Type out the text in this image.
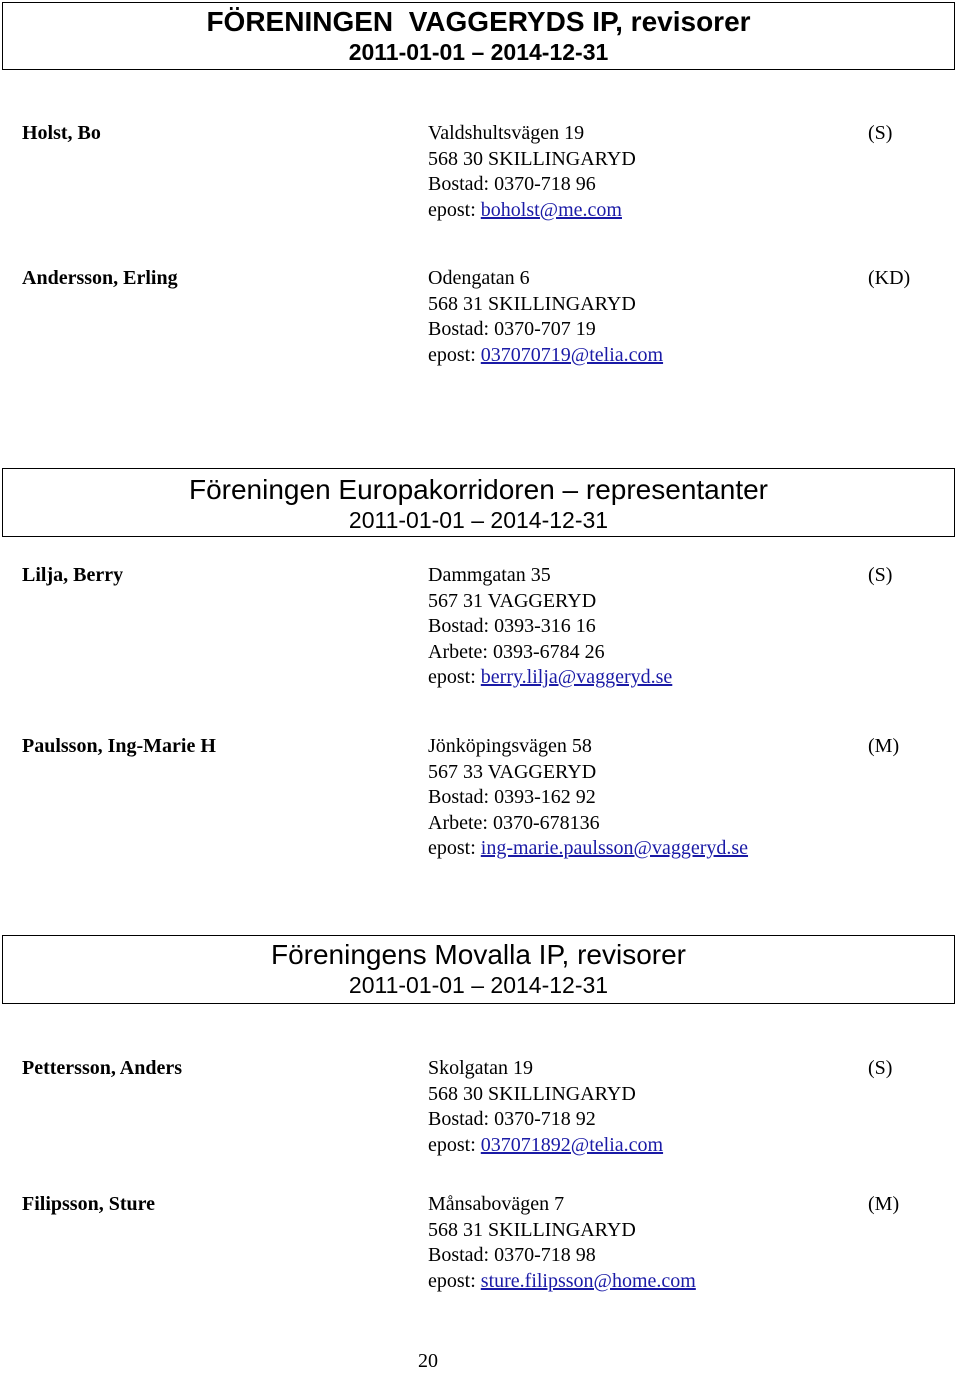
FÖRENINGEN  VAGGERYDS IP, revisorer
2011-01-01 – 2014-12-31
Holst, Bo	Valdshultsvägen 19
568 30 SKILLINGARYD
Bostad: 0370-718 96
epost: boholst@me.com
(S)
Andersson, Erling	Odengatan 6
568 31 SKILLINGARYD
Bostad: 0370-707 19
epost: 037070719@telia.com
(KD)
Föreningen Europakorridoren – representanter
2011-01-01 – 2014-12-31
Lilja, Berry	Dammgatan 35
567 31 VAGGERYD
Bostad: 0393-316 16
Arbete: 0393-6784 26
epost: berry.lilja@vaggeryd.se
(S)
Paulsson, Ing-Marie H	Jönköpingsvägen 58
567 33 VAGGERYD
Bostad: 0393-162 92
Arbete: 0370-678136
epost: ing-marie.paulsson@vaggeryd.se
(M)
Föreningens Movalla IP, revisorer
2011-01-01 – 2014-12-31
Pettersson, Anders	Skolgatan 19
568 30 SKILLINGARYD
Bostad: 0370-718 92
epost: 037071892@telia.com
(S)
Filipsson, Sture	Månsabovägen 7
568 31 SKILLINGARYD
Bostad: 0370-718 98
epost: sture.filipsson@home.com
(M)
20
